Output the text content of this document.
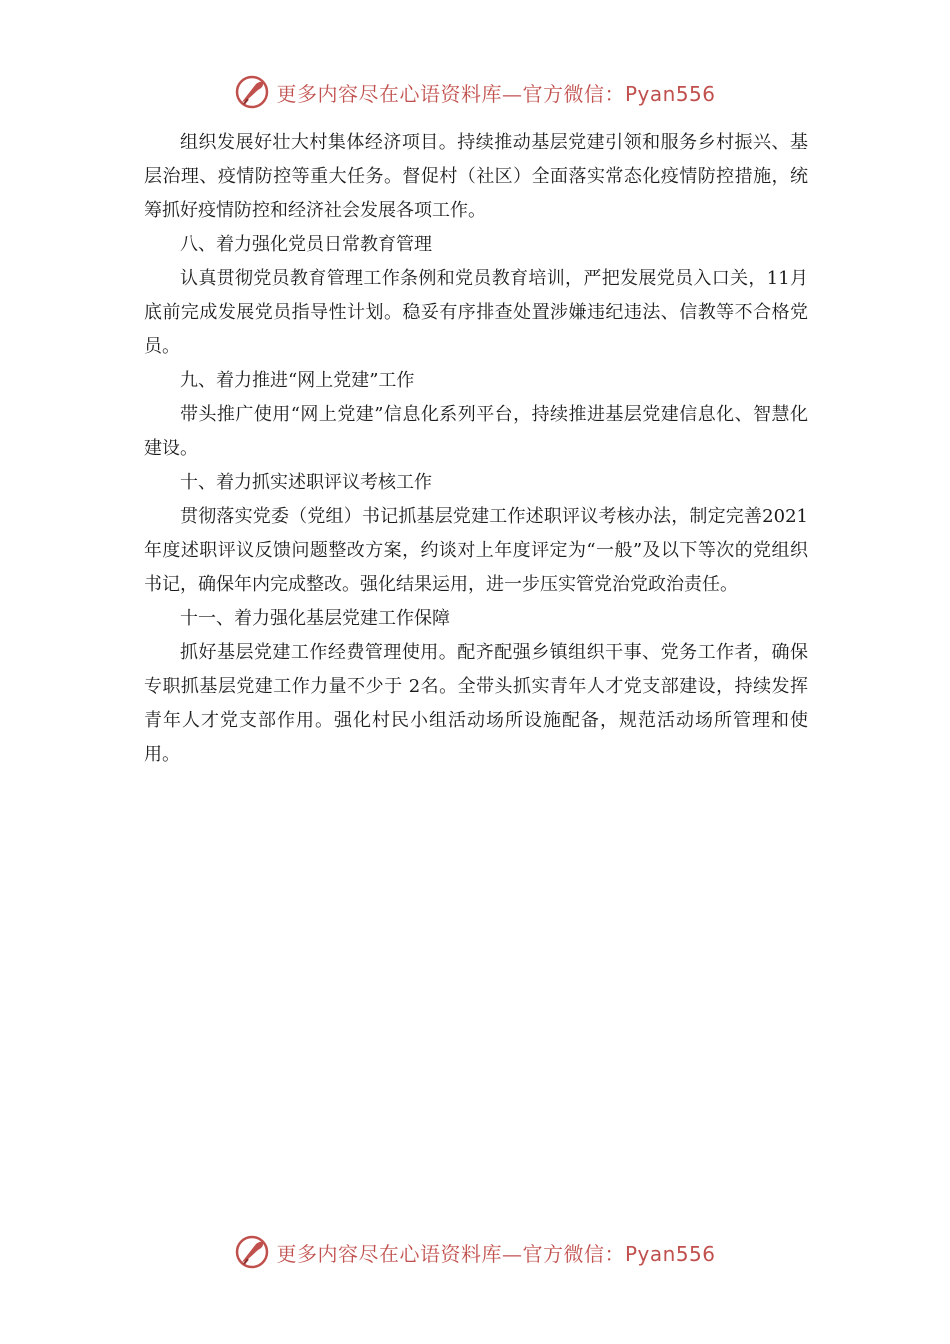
更多内容尽在心语资料库—官方微信：Pyan556

组织发展好壮大村集体经济项目。持续推动基层党建引领和服务乡村振兴、基层治理、疫情防控等重大任务。督促村（社区）全面落实常态化疫情防控措施，统筹抓好疫情防控和经济社会发展各项工作。

八、着力强化党员日常教育管理

认真贯彻党员教育管理工作条例和党员教育培训，严把发展党员入口关，11月底前完成发展党员指导性计划。稳妥有序排查处置涉嫌违纪违法、信教等不合格党员。

九、着力推进“网上党建”工作

带头推广使用“网上党建”信息化系列平台，持续推进基层党建信息化、智慧化建设。

十、着力抓实述职评议考核工作

贯彻落实党委（党组）书记抓基层党建工作述职评议考核办法，制定完善2021年度述职评议反馈问题整改方案，约谈对上年度评定为“一般”及以下等次的党组织书记，确保年内完成整改。强化结果运用，进一步压实管党治党政治责任。

十一、着力强化基层党建工作保障

抓好基层党建工作经费管理使用。配齐配强乡镇组织干事、党务工作者，确保专职抓基层党建工作力量不少于 2名。全带头抓实青年人才党支部建设，持续发挥青年人才党支部作用。强化村民小组活动场所设施配备，规范活动场所管理和使用。

更多内容尽在心语资料库—官方微信：Pyan556
